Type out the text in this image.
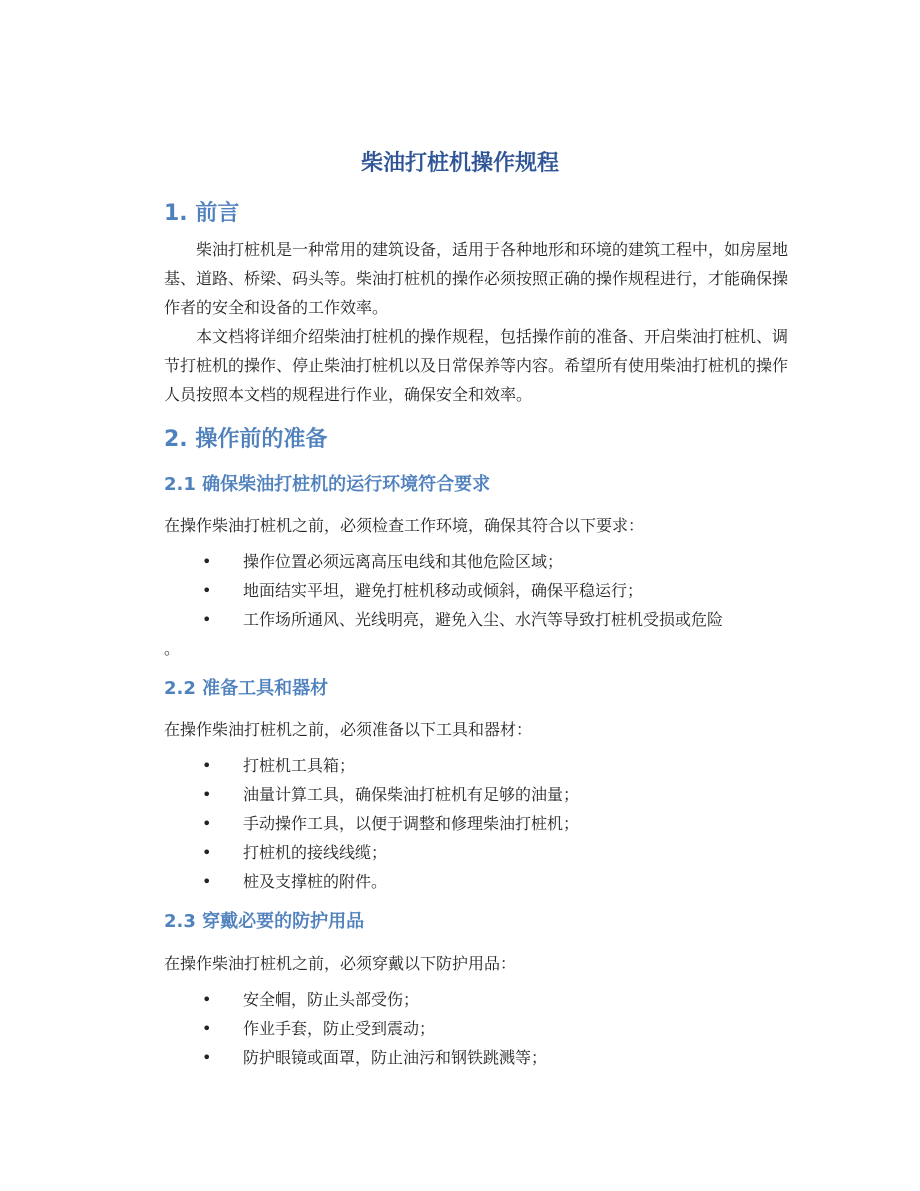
柴油打桩机操作规程
1. 前言

柴油打桩机是一种常用的建筑设备，适用于各种地形和环境的建筑工程中，如房屋地基、道路、桥梁、码头等。柴油打桩机的操作必须按照正确的操作规程进行，才能确保操作者的安全和设备的工作效率。

本文档将详细介绍柴油打桩机的操作规程，包括操作前的准备、开启柴油打桩机、调节打桩机的操作、停止柴油打桩机以及日常保养等内容。希望所有使用柴油打桩机的操作人员按照本文档的规程进行作业，确保安全和效率。

2. 操作前的准备
2.1 确保柴油打桩机的运行环境符合要求

在操作柴油打桩机之前，必须检查工作环境，确保其符合以下要求：

• 操作位置必须远离高压电线和其他危险区域；
• 地面结实平坦，避免打桩机移动或倾斜，确保平稳运行；
• 工作场所通风、光线明亮，避免入尘、水汽等导致打桩机受损或危险
。
2.2 准备工具和器材

在操作柴油打桩机之前，必须准备以下工具和器材：

• 打桩机工具箱；
• 油量计算工具，确保柴油打桩机有足够的油量；
• 手动操作工具，以便于调整和修理柴油打桩机；
• 打桩机的接线线缆；
• 桩及支撑桩的附件。
2.3 穿戴必要的防护用品

在操作柴油打桩机之前，必须穿戴以下防护用品：

• 安全帽，防止头部受伤；
• 作业手套，防止受到震动；
• 防护眼镜或面罩，防止油污和钢铁跳溅等；
